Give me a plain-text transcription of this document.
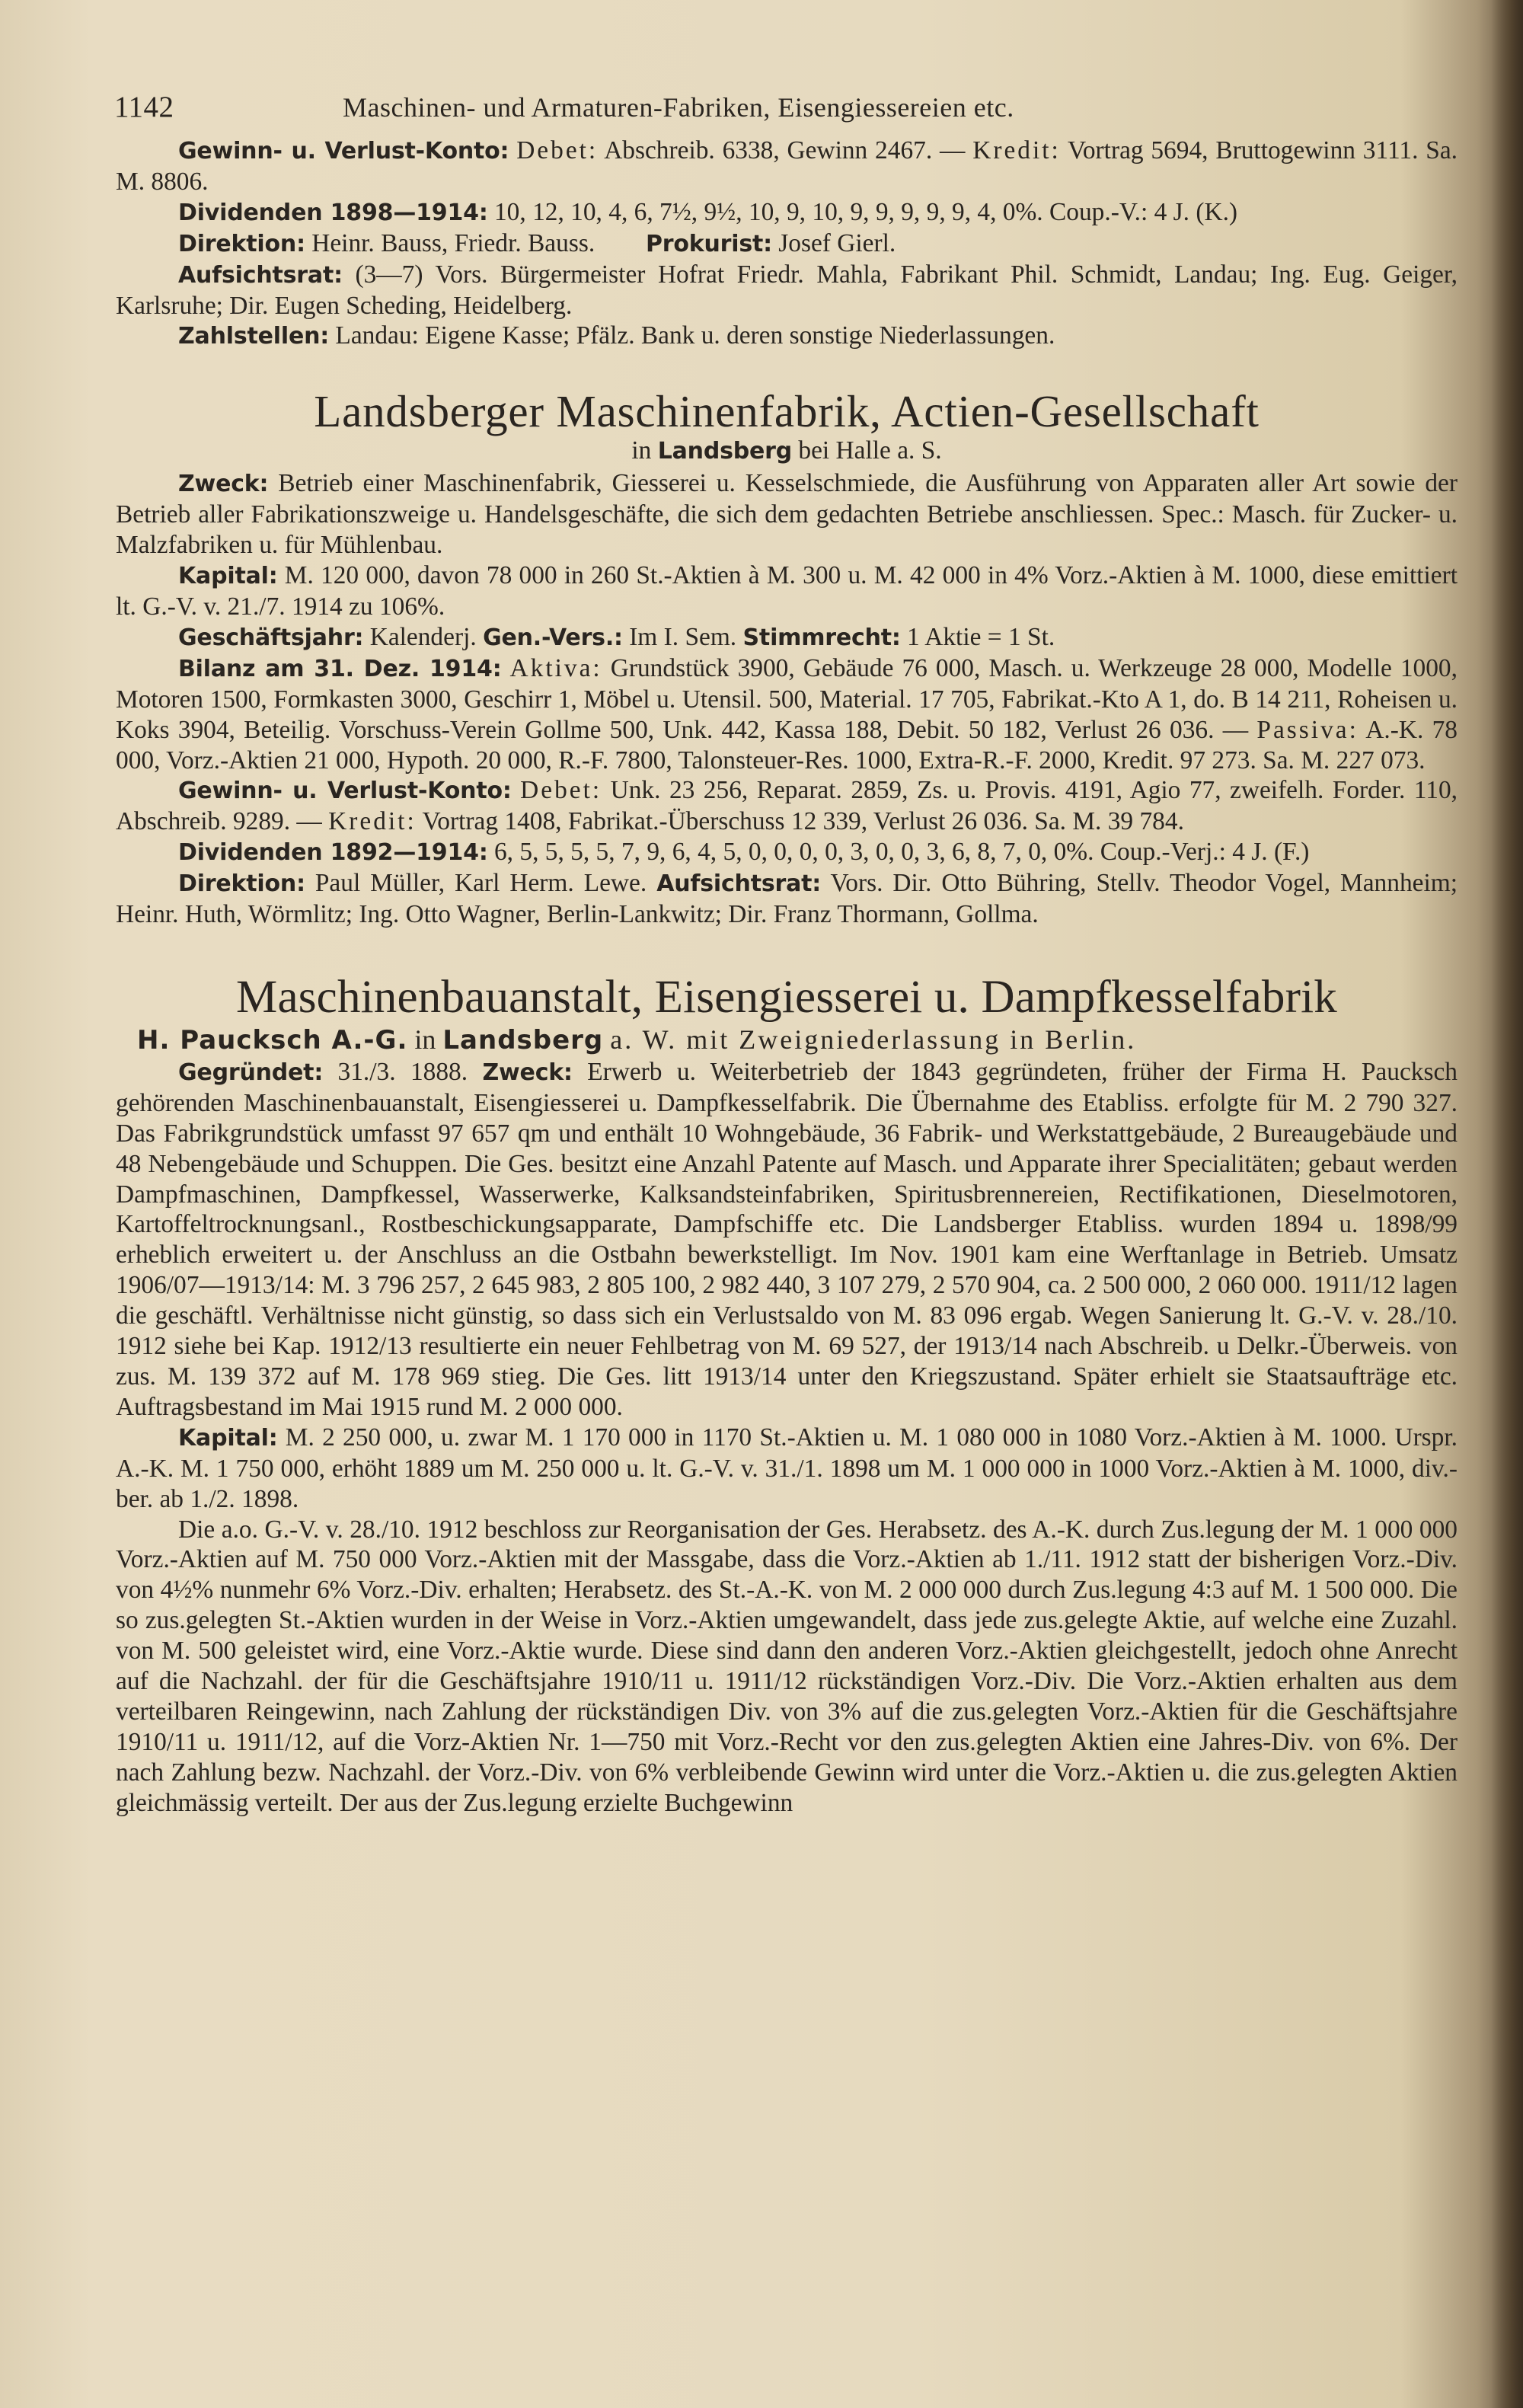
1142	Maschinen- und Armaturen-Fabriken, Eisengiessereien etc.

Gewinn- u. Verlust-Konto: Debet: Abschreib. 6338, Gewinn 2467. — Kredit: Vortrag 5694, Bruttogewinn 3111. Sa. M. 8806.

Dividenden 1898—1914: 10, 12, 10, 4, 6, 7½, 9½, 10, 9, 10, 9, 9, 9, 9, 9, 4, 0%. Coup.-V.: 4 J. (K.)

Direktion: Heinr. Bauss, Friedr. Bauss. Prokurist: Josef Gierl.

Aufsichtsrat: (3—7) Vors. Bürgermeister Hofrat Friedr. Mahla, Fabrikant Phil. Schmidt, Landau; Ing. Eug. Geiger, Karlsruhe; Dir. Eugen Scheding, Heidelberg.

Zahlstellen: Landau: Eigene Kasse; Pfälz. Bank u. deren sonstige Niederlassungen.

Landsberger Maschinenfabrik, Actien-Gesellschaft
in Landsberg bei Halle a. S.

Zweck: Betrieb einer Maschinenfabrik, Giesserei u. Kesselschmiede, die Ausführung von Apparaten aller Art sowie der Betrieb aller Fabrikationszweige u. Handelsgeschäfte, die sich dem gedachten Betriebe anschliessen. Spec.: Masch. für Zucker- u. Malzfabriken u. für Mühlenbau.

Kapital: M. 120 000, davon 78 000 in 260 St.-Aktien à M. 300 u. M. 42 000 in 4% Vorz.-Aktien à M. 1000, diese emittiert lt. G.-V. v. 21./7. 1914 zu 106%.

Geschäftsjahr: Kalenderj. Gen.-Vers.: Im I. Sem. Stimmrecht: 1 Aktie = 1 St.

Bilanz am 31. Dez. 1914: Aktiva: Grundstück 3900, Gebäude 76 000, Masch. u. Werkzeuge 28 000, Modelle 1000, Motoren 1500, Formkasten 3000, Geschirr 1, Möbel u. Utensil. 500, Material. 17 705, Fabrikat.-Kto A 1, do. B 14 211, Roheisen u. Koks 3904, Beteilig. Vorschuss-Verein Gollme 500, Unk. 442, Kassa 188, Debit. 50 182, Verlust 26 036. — Passiva: A.-K. 78 000, Vorz.-Aktien 21 000, Hypoth. 20 000, R.-F. 7800, Talonsteuer-Res. 1000, Extra-R.-F. 2000, Kredit. 97 273. Sa. M. 227 073.

Gewinn- u. Verlust-Konto: Debet: Unk. 23 256, Reparat. 2859, Zs. u. Provis. 4191, Agio 77, zweifelh. Forder. 110, Abschreib. 9289. — Kredit: Vortrag 1408, Fabrikat.-Überschuss 12 339, Verlust 26 036. Sa. M. 39 784.

Dividenden 1892—1914: 6, 5, 5, 5, 5, 7, 9, 6, 4, 5, 0, 0, 0, 0, 3, 0, 0, 3, 6, 8, 7, 0, 0%. Coup.-Verj.: 4 J. (F.)

Direktion: Paul Müller, Karl Herm. Lewe. Aufsichtsrat: Vors. Dir. Otto Bühring, Stellv. Theodor Vogel, Mannheim; Heinr. Huth, Wörmlitz; Ing. Otto Wagner, Berlin-Lankwitz; Dir. Franz Thormann, Gollma.

Maschinenbauanstalt, Eisengiesserei u. Dampfkesselfabrik
H. Paucksch A.-G. in Landsberg a. W. mit Zweigniederlassung in Berlin.

Gegründet: 31./3. 1888. Zweck: Erwerb u. Weiterbetrieb der 1843 gegründeten, früher der Firma H. Paucksch gehörenden Maschinenbauanstalt, Eisengiesserei u. Dampfkesselfabrik. Die Übernahme des Etabliss. erfolgte für M. 2 790 327. Das Fabrikgrundstück umfasst 97 657 qm und enthält 10 Wohngebäude, 36 Fabrik- und Werkstattgebäude, 2 Bureaugebäude und 48 Nebengebäude und Schuppen. Die Ges. besitzt eine Anzahl Patente auf Masch. und Apparate ihrer Specialitäten; gebaut werden Dampfmaschinen, Dampfkessel, Wasserwerke, Kalksandsteinfabriken, Spiritusbrennereien, Rectifikationen, Dieselmotoren, Kartoffeltrocknungsanl., Rostbeschickungsapparate, Dampfschiffe etc. Die Landsberger Etabliss. wurden 1894 u. 1898/99 erheblich erweitert u. der Anschluss an die Ostbahn bewerkstelligt. Im Nov. 1901 kam eine Werftanlage in Betrieb. Umsatz 1906/07—1913/14: M. 3 796 257, 2 645 983, 2 805 100, 2 982 440, 3 107 279, 2 570 904, ca. 2 500 000, 2 060 000. 1911/12 lagen die geschäftl. Verhältnisse nicht günstig, so dass sich ein Verlustsaldo von M. 83 096 ergab. Wegen Sanierung lt. G.-V. v. 28./10. 1912 siehe bei Kap. 1912/13 resultierte ein neuer Fehlbetrag von M. 69 527, der 1913/14 nach Abschreib. u Delkr.-Überweis. von zus. M. 139 372 auf M. 178 969 stieg. Die Ges. litt 1913/14 unter den Kriegszustand. Später erhielt sie Staatsaufträge etc. Auftragsbestand im Mai 1915 rund M. 2 000 000.

Kapital: M. 2 250 000, u. zwar M. 1 170 000 in 1170 St.-Aktien u. M. 1 080 000 in 1080 Vorz.-Aktien à M. 1000. Urspr. A.-K. M. 1 750 000, erhöht 1889 um M. 250 000 u. lt. G.-V. v. 31./1. 1898 um M. 1 000 000 in 1000 Vorz.-Aktien à M. 1000, div.-ber. ab 1./2. 1898.

Die a.o. G.-V. v. 28./10. 1912 beschloss zur Reorganisation der Ges. Herabsetz. des A.-K. durch Zus.legung der M. 1 000 000 Vorz.-Aktien auf M. 750 000 Vorz.-Aktien mit der Massgabe, dass die Vorz.-Aktien ab 1./11. 1912 statt der bisherigen Vorz.-Div. von 4½% nunmehr 6% Vorz.-Div. erhalten; Herabsetz. des St.-A.-K. von M. 2 000 000 durch Zus.legung 4:3 auf M. 1 500 000. Die so zus.gelegten St.-Aktien wurden in der Weise in Vorz.-Aktien umgewandelt, dass jede zus.gelegte Aktie, auf welche eine Zuzahl. von M. 500 geleistet wird, eine Vorz.-Aktie wurde. Diese sind dann den anderen Vorz.-Aktien gleichgestellt, jedoch ohne Anrecht auf die Nachzahl. der für die Geschäftsjahre 1910/11 u. 1911/12 rückständigen Vorz.-Div. Die Vorz.-Aktien erhalten aus dem verteilbaren Reingewinn, nach Zahlung der rückständigen Div. von 3% auf die zus.gelegten Vorz.-Aktien für die Geschäftsjahre 1910/11 u. 1911/12, auf die Vorz-Aktien Nr. 1—750 mit Vorz.-Recht vor den zus.gelegten Aktien eine Jahres-Div. von 6%. Der nach Zahlung bezw. Nachzahl. der Vorz.-Div. von 6% verbleibende Gewinn wird unter die Vorz.-Aktien u. die zus.gelegten Aktien gleichmässig verteilt. Der aus der Zus.legung erzielte Buchgewinn
